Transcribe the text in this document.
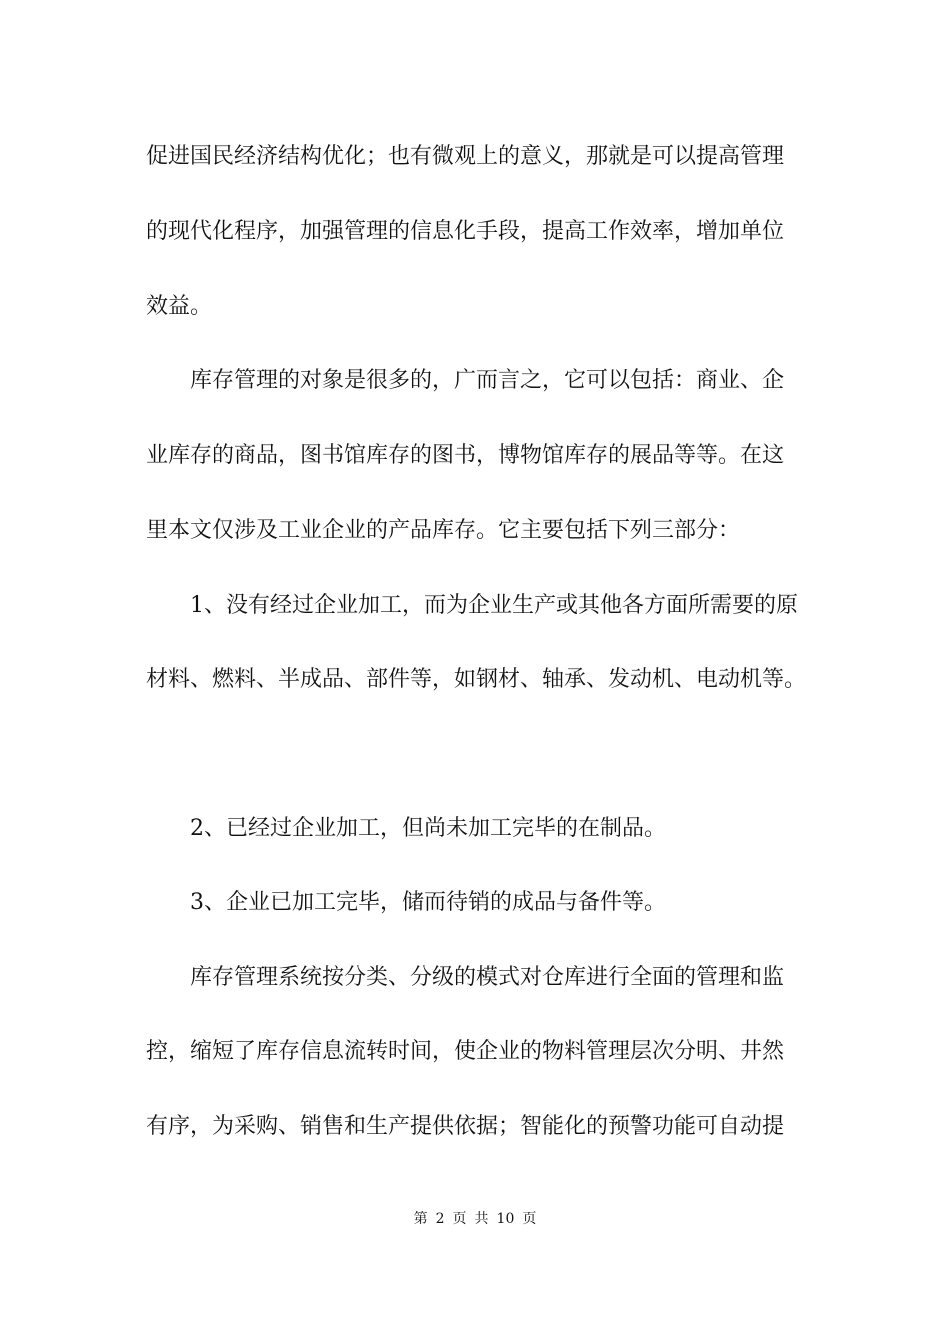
促进国民经济结构优化；也有微观上的意义，那就是可以提高管理
的现代化程序，加强管理的信息化手段，提高工作效率，增加单位
效益。
库存管理的对象是很多的，广而言之，它可以包括：商业、企
业库存的商品，图书馆库存的图书，博物馆库存的展品等等。在这
里本文仅涉及工业企业的产品库存。它主要包括下列三部分：
1、没有经过企业加工，而为企业生产或其他各方面所需要的原
材料、燃料、半成品、部件等，如钢材、轴承、发动机、电动机等。
2、已经过企业加工，但尚未加工完毕的在制品。
3、企业已加工完毕，储而待销的成品与备件等。
库存管理系统按分类、分级的模式对仓库进行全面的管理和监
控，缩短了库存信息流转时间，使企业的物料管理层次分明、井然
有序，为采购、销售和生产提供依据；智能化的预警功能可自动提
第 2 页 共 10 页
